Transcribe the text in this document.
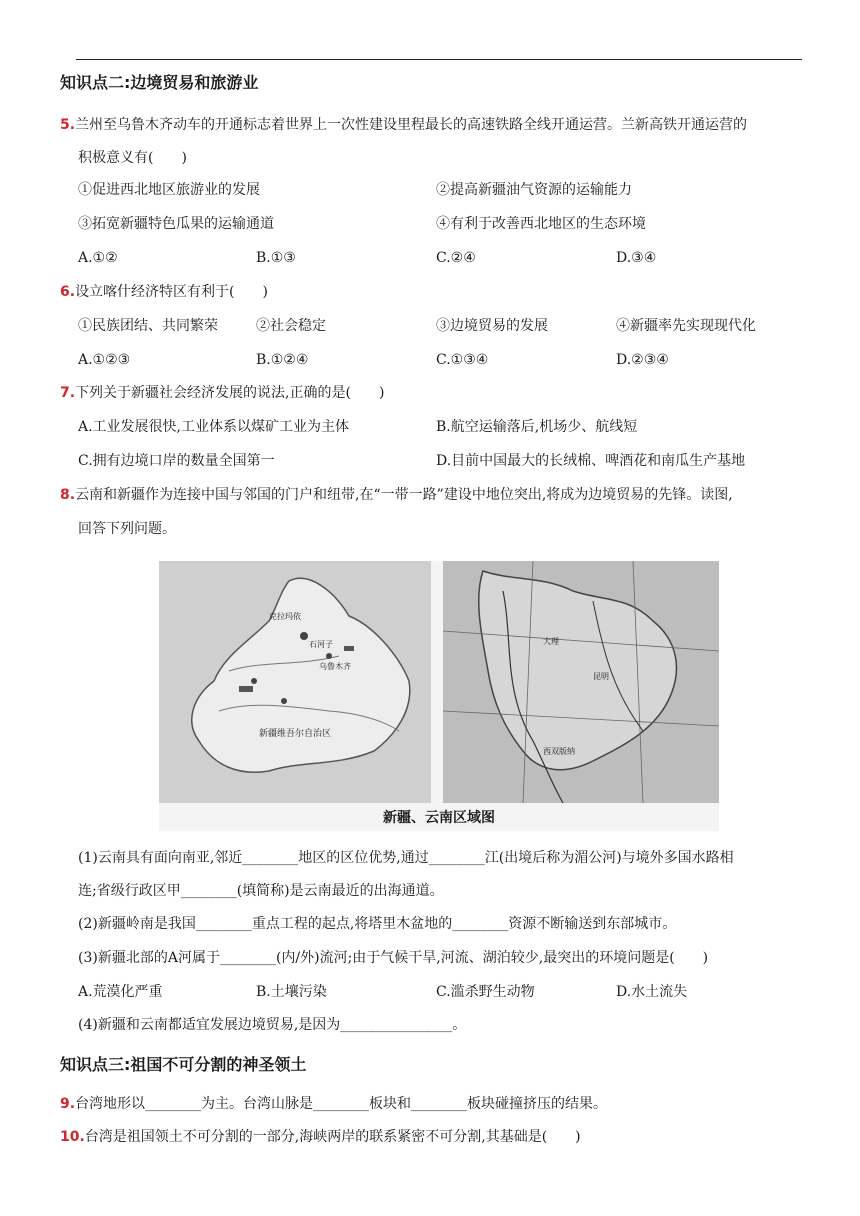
知识点二:边境贸易和旅游业
5.兰州至乌鲁木齐动车的开通标志着世界上一次性建设里程最长的高速铁路全线开通运营。兰新高铁开通运营的
积极意义有(　　)
①促进西北地区旅游业的发展	②提高新疆油气资源的运输能力
③拓宽新疆特色瓜果的运输通道	④有利于改善西北地区的生态环境
A.①②	B.①③	C.②④	D.③④
6.设立喀什经济特区有利于(　　)
①民族团结、共同繁荣	②社会稳定	③边境贸易的发展	④新疆率先实现现代化
A.①②③	B.①②④	C.①③④	D.②③④
7.下列关于新疆社会经济发展的说法,正确的是(　　)
A.工业发展很快,工业体系以煤矿工业为主体	B.航空运输落后,机场少、航线短
C.拥有边境口岸的数量全国第一	D.目前中国最大的长绒棉、啤酒花和南瓜生产基地
8.云南和新疆作为连接中国与邻国的门户和纽带,在“一带一路”建设中地位突出,将成为边境贸易的先锋。读图,
回答下列问题。
克拉玛依
石河子
乌鲁木齐
新疆维吾尔自治区
大理
昆明
西双版纳
新疆、云南区域图
(1)云南具有面向南亚,邻近________地区的区位优势,通过________江(出境后称为湄公河)与境外多国水路相
连;省级行政区甲________(填简称)是云南最近的出海通道。
(2)新疆岭南是我国________重点工程的起点,将塔里木盆地的________资源不断输送到东部城市。
(3)新疆北部的A河属于________(内/外)流河;由于气候干旱,河流、湖泊较少,最突出的环境问题是(　　)
A.荒漠化严重	B.土壤污染	C.滥杀野生动物	D.水土流失
(4)新疆和云南都适宜发展边境贸易,是因为________________。
知识点三:祖国不可分割的神圣领土
9.台湾地形以________为主。台湾山脉是________板块和________板块碰撞挤压的结果。
10.台湾是祖国领土不可分割的一部分,海峡两岸的联系紧密不可分割,其基础是(　　)
